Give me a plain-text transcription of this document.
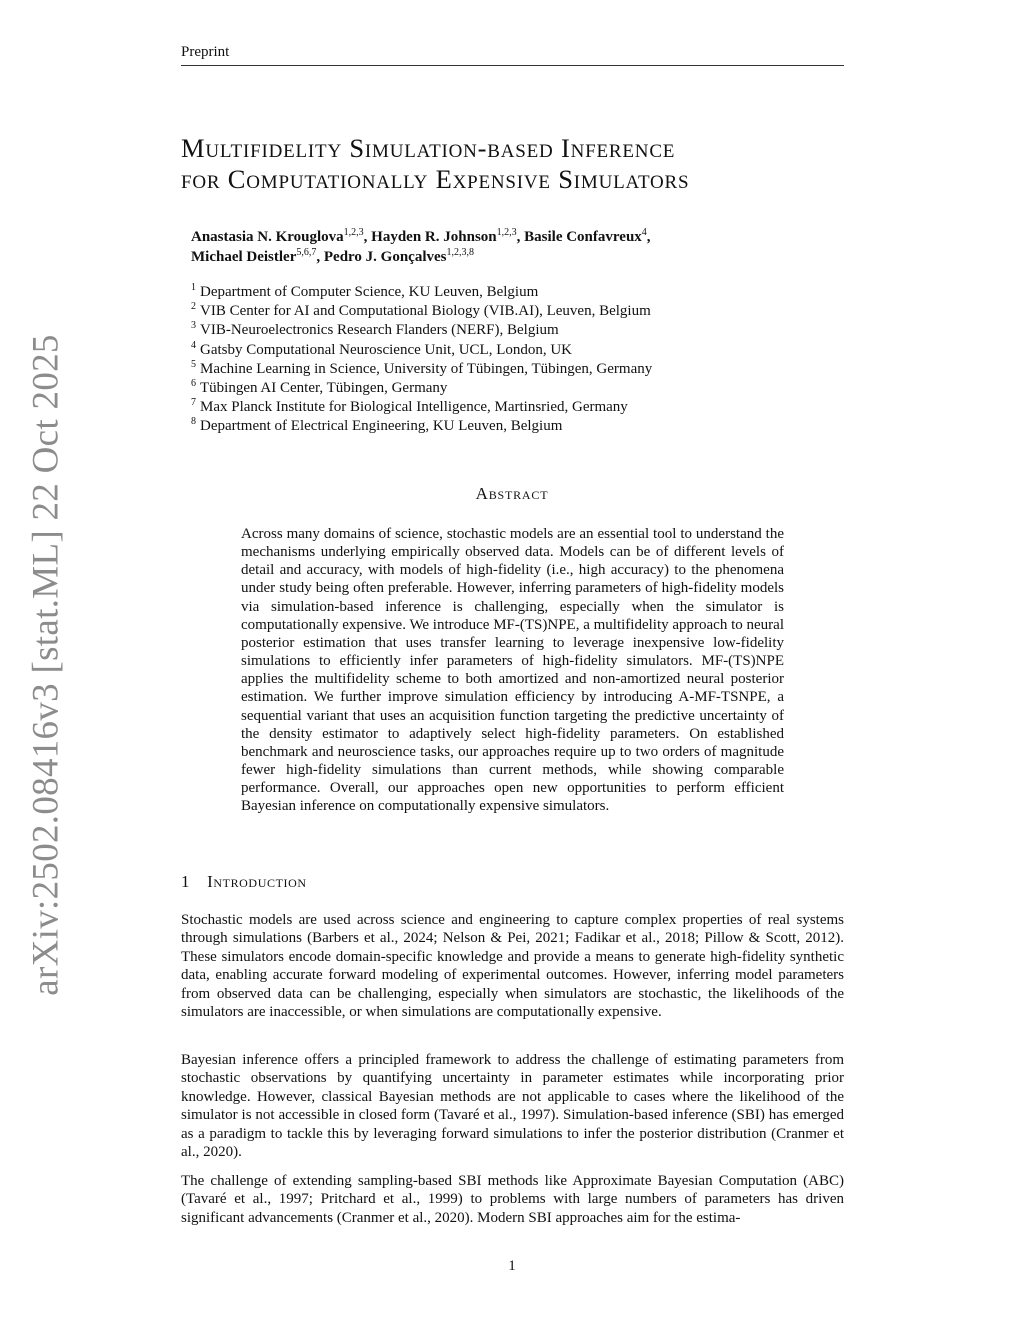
Preprint
arXiv:2502.08416v3 [stat.ML] 22 Oct 2025
Multifidelity Simulation-based Inference
for Computationally Expensive Simulators
Anastasia N. Krouglova$^{1,2,3}$, Hayden R. Johnson$^{1,2,3}$, Basile Confavreux$^4$,
Michael Deistler$^{5,6,7}$, Pedro J. Gonçalves$^{1,2,3,8}$
$^1$ Department of Computer Science, KU Leuven, Belgium
$^2$ VIB Center for AI and Computational Biology (VIB.AI), Leuven, Belgium
$^3$ VIB-Neuroelectronics Research Flanders (NERF), Belgium
$^4$ Gatsby Computational Neuroscience Unit, UCL, London, UK
$^5$ Machine Learning in Science, University of Tübingen, Tübingen, Germany
$^6$ Tübingen AI Center, Tübingen, Germany
$^7$ Max Planck Institute for Biological Intelligence, Martinsried, Germany
$^8$ Department of Electrical Engineering, KU Leuven, Belgium
Abstract
Across many domains of science, stochastic models are an essential tool to understand the mechanisms underlying empirically observed data. Models can be of different levels of detail and accuracy, with models of high-fidelity (i.e., high accuracy) to the phenomena under study being often preferable. However, inferring parameters of high-fidelity models via simulation-based inference is challenging, especially when the simulator is computationally expensive. We introduce MF-(TS)NPE, a multifidelity approach to neural posterior estimation that uses transfer learning to leverage inexpensive low-fidelity simulations to efficiently infer parameters of high-fidelity simulators. MF-(TS)NPE applies the multifidelity scheme to both amortized and non-amortized neural posterior estimation. We further improve simulation efficiency by introducing A-MF-TSNPE, a sequential variant that uses an acquisition function targeting the predictive uncertainty of the density estimator to adaptively select high-fidelity parameters. On established benchmark and neuroscience tasks, our approaches require up to two orders of magnitude fewer high-fidelity simulations than current methods, while showing comparable performance. Overall, our approaches open new opportunities to perform efficient Bayesian inference on computationally expensive simulators.
1 Introduction
Stochastic models are used across science and engineering to capture complex properties of real systems through simulations (Barbers et al., 2024; Nelson & Pei, 2021; Fadikar et al., 2018; Pillow & Scott, 2012). These simulators encode domain-specific knowledge and provide a means to generate high-fidelity synthetic data, enabling accurate forward modeling of experimental outcomes. However, inferring model parameters from observed data can be challenging, especially when simulators are stochastic, the likelihoods of the simulators are inaccessible, or when simulations are computationally expensive.
Bayesian inference offers a principled framework to address the challenge of estimating parameters from stochastic observations by quantifying uncertainty in parameter estimates while incorporating prior knowledge. However, classical Bayesian methods are not applicable to cases where the likelihood of the simulator is not accessible in closed form (Tavaré et al., 1997). Simulation-based inference (SBI) has emerged as a paradigm to tackle this by leveraging forward simulations to infer the posterior distribution (Cranmer et al., 2020).
The challenge of extending sampling-based SBI methods like Approximate Bayesian Computation (ABC) (Tavaré et al., 1997; Pritchard et al., 1999) to problems with large numbers of parameters has driven significant advancements (Cranmer et al., 2020). Modern SBI approaches aim for the estima-
1
